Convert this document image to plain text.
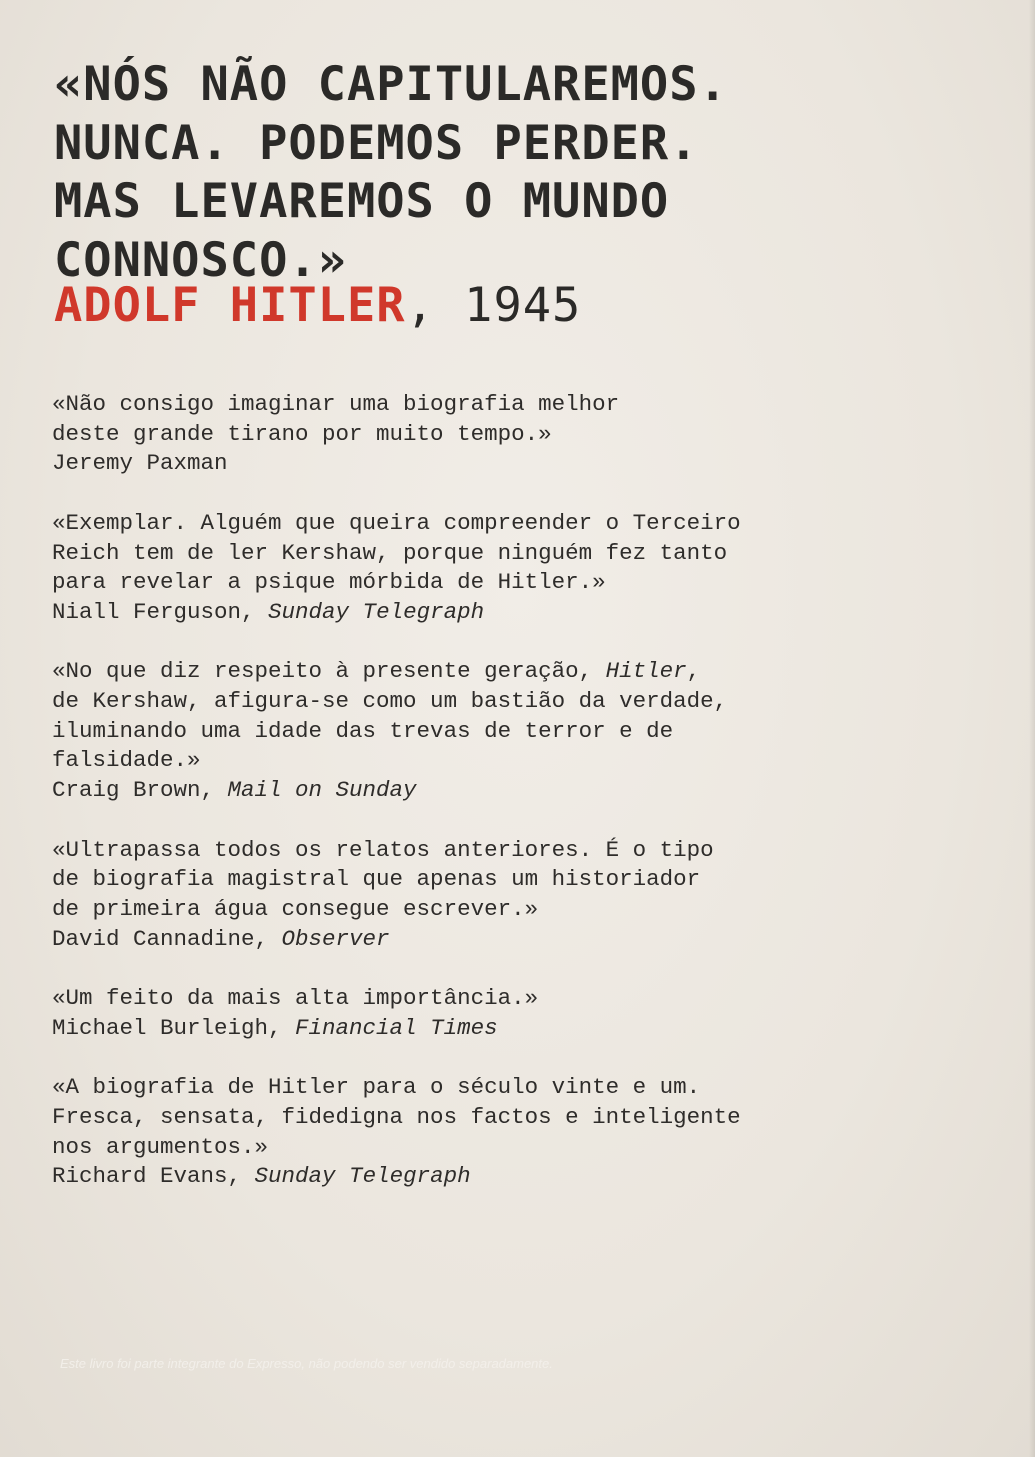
«NÓS NÃO CAPITULAREMOS.
NUNCA. PODEMOS PERDER.
MAS LEVAREMOS O MUNDO
CONNOSCO.»
ADOLF HITLER, 1945
«Não consigo imaginar uma biografia melhor
deste grande tirano por muito tempo.»
Jeremy Paxman
«Exemplar. Alguém que queira compreender o Terceiro
Reich tem de ler Kershaw, porque ninguém fez tanto
para revelar a psique mórbida de Hitler.»
Niall Ferguson, Sunday Telegraph
«No que diz respeito à presente geração, Hitler,
de Kershaw, afigura-se como um bastião da verdade,
iluminando uma idade das trevas de terror e de
falsidade.»
Craig Brown, Mail on Sunday
«Ultrapassa todos os relatos anteriores. É o tipo
de biografia magistral que apenas um historiador
de primeira água consegue escrever.»
David Cannadine, Observer
«Um feito da mais alta importância.»
Michael Burleigh, Financial Times
«A biografia de Hitler para o século vinte e um.
Fresca, sensata, fidedigna nos factos e inteligente
nos argumentos.»
Richard Evans, Sunday Telegraph
Este livro foi parte integrante do Expresso, não podendo ser vendido separadamente.
